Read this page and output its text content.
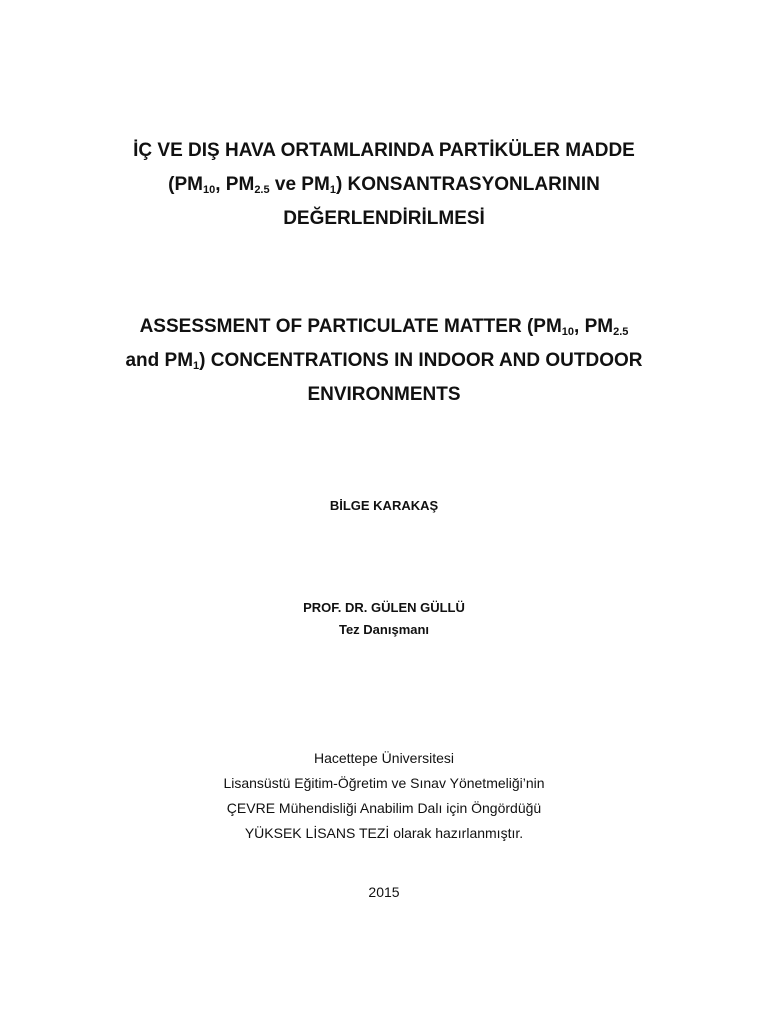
İÇ VE DIŞ HAVA ORTAMLARINDA PARTİKÜLER MADDE
($PM_{10}$, $PM_{2.5}$ ve $PM_1$) KONSANTRASYONLARININ
DEĞERLENDİRİLMESİ
ASSESSMENT OF PARTICULATE MATTER ($PM_{10}$, $PM_{2.5}$
and $PM_1$) CONCENTRATIONS IN INDOOR AND OUTDOOR
ENVIRONMENTS
BİLGE KARAKAŞ
PROF. DR. GÜLEN GÜLLÜ
Tez Danışmanı
Hacettepe Üniversitesi
Lisansüstü Eğitim-Öğretim ve Sınav Yönetmeliği’nin
ÇEVRE Mühendisliği Anabilim Dalı için Öngördüğü
YÜKSEK LİSANS TEZİ olarak hazırlanmıştır.
2015
